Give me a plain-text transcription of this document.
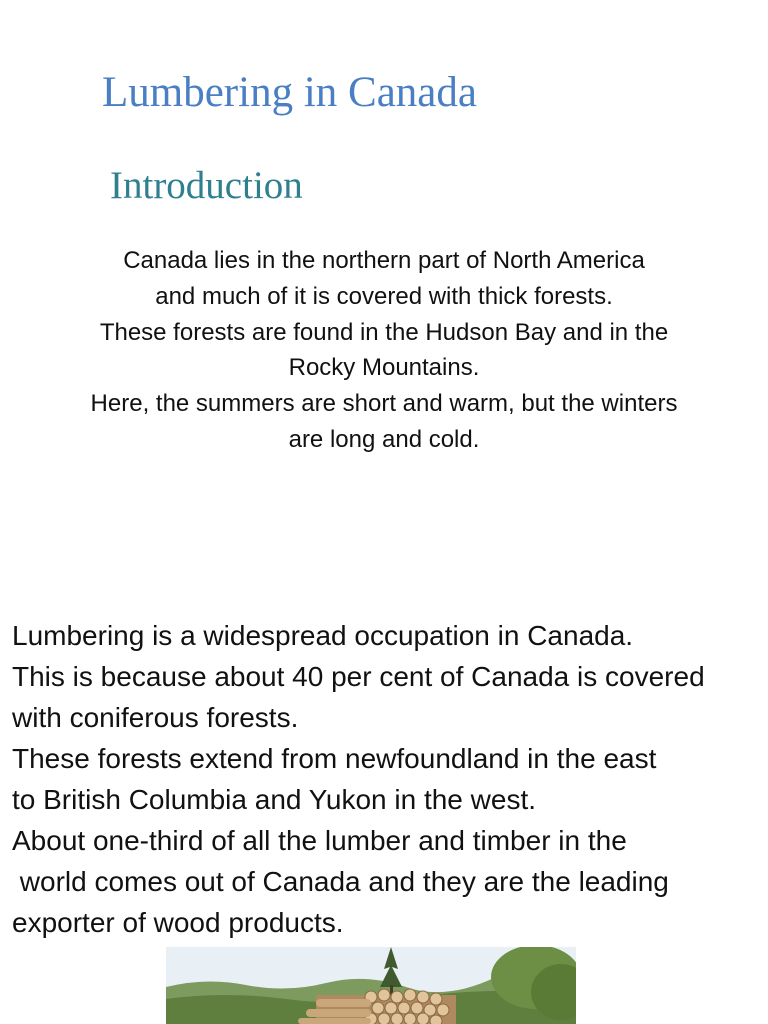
Lumbering in Canada
Introduction
Canada lies in the northern part of North America
and much of it is covered with thick forests.
These forests are found in the Hudson Bay and in the
Rocky Mountains.
Here, the summers are short and warm, but the winters
are long and cold.
Lumbering is a widespread occupation in Canada.
This is because about 40 per cent of Canada is covered
with coniferous forests.
These forests extend from newfoundland in the east
to British Columbia and Yukon in the west.
About one-third of all the lumber and timber in the
world comes out of Canada and they are the leading
exporter of wood products.
